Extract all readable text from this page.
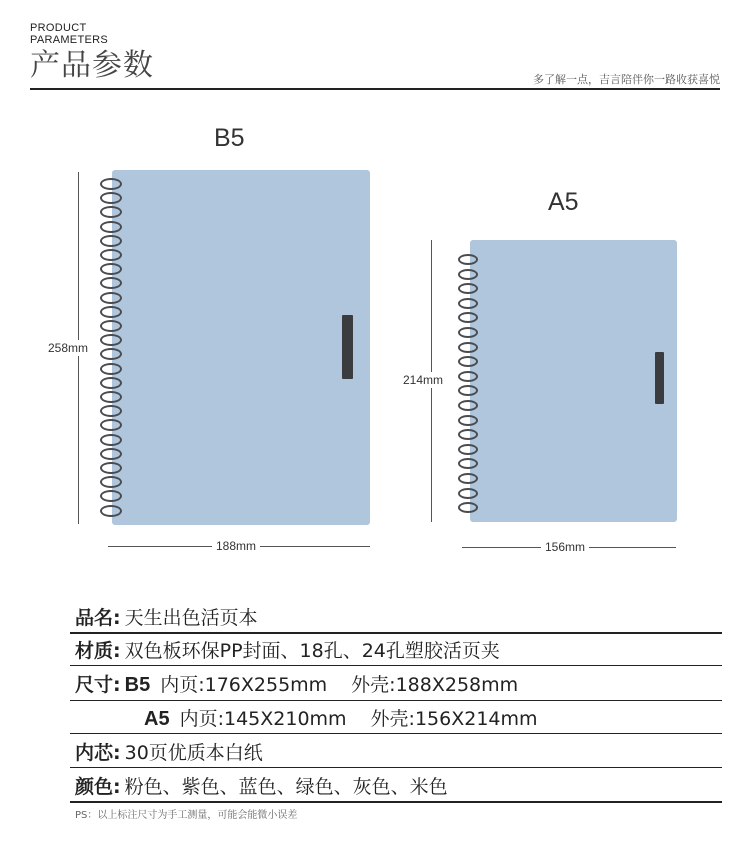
PRODUCT
PARAMETERS
产品参数	多了解一点，吉言陪伴你一路收获喜悦
B5
258mm
188mm
A5
214mm
156mm
品名: 天生出色活页本
材质: 双色板环保PP封面、18孔、24孔塑胶活页夹
尺寸: B5 内页:176X255mm 外壳:188X258mm
A5 内页:145X210mm 外壳:156X214mm
内芯: 30页优质本白纸
颜色: 粉色、紫色、蓝色、绿色、灰色、米色
PS：以上标注尺寸为手工测量，可能会能微小误差
